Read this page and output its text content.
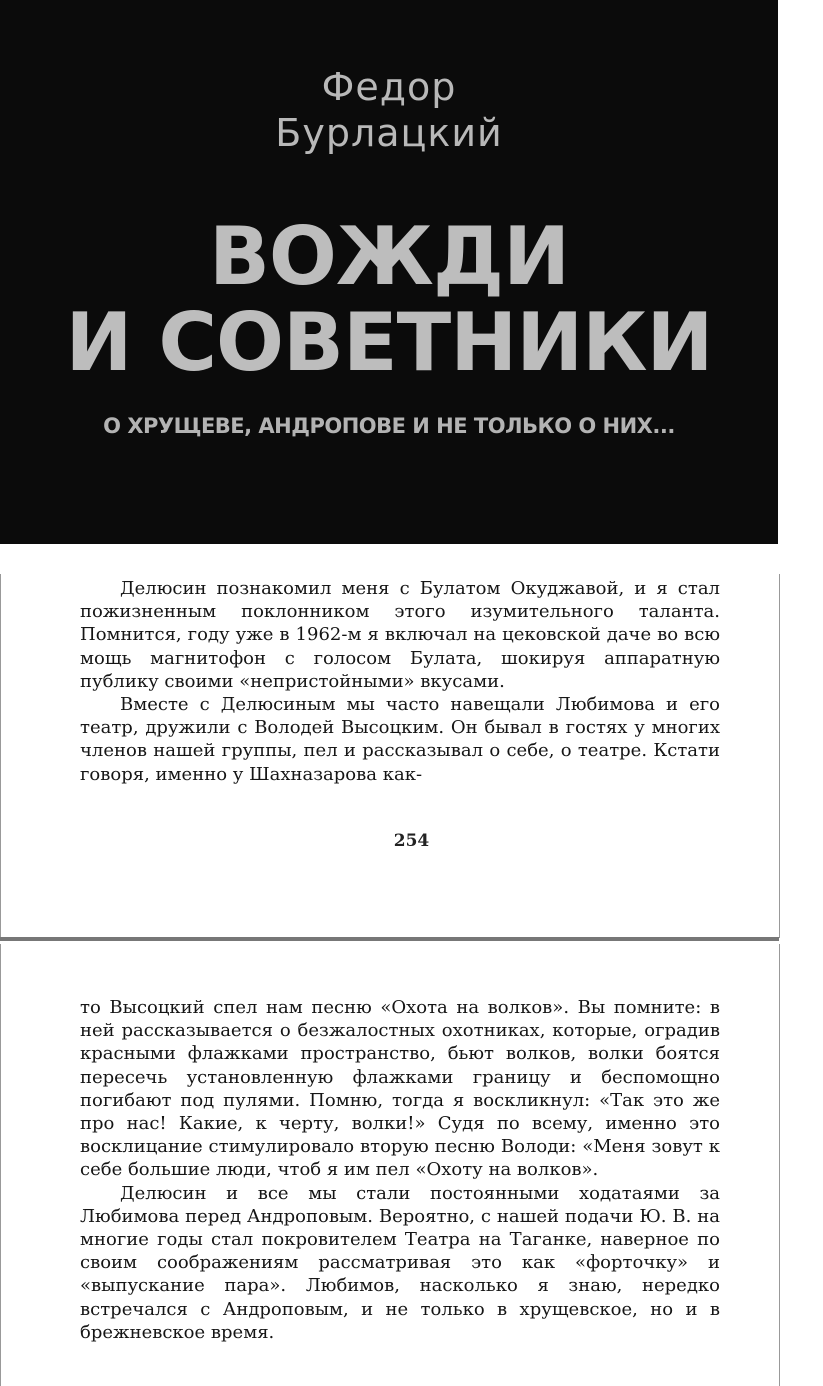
Федор
Бурлацкий
ВОЖДИ
И СОВЕТНИКИ
О ХРУЩЕВЕ, АНДРОПОВЕ И НЕ ТОЛЬКО О НИХ...

Делюсин познакомил меня с Булатом Окуджавой, и я стал пожизненным поклонником этого изумительного таланта. Помнится, году уже в 1962-м я включал на цековской даче во всю мощь магнитофон с голосом Булата, шокируя аппаратную публику своими «непристойными» вкусами.

Вместе с Делюсиным мы часто навещали Любимова и его театр, дружили с Володей Высоцким. Он бывал в гостях у многих членов нашей группы, пел и рассказывал о себе, о театре. Кстати говоря, именно у Шахназарова как-

254

то Высоцкий спел нам песню «Охота на волков». Вы помните: в ней рассказывается о безжалостных охотниках, которые, оградив красными флажками пространство, бьют волков, волки боятся пересечь установленную флажками границу и беспомощно погибают под пулями. Помню, тогда я воскликнул: «Так это же про нас! Какие, к черту, волки!» Судя по всему, именно это восклицание стимулировало вторую песню Володи: «Меня зовут к себе большие люди, чтоб я им пел «Охоту на волков».

Делюсин и все мы стали постоянными ходатаями за Любимова перед Андроповым. Вероятно, с нашей подачи Ю. В. на многие годы стал покровителем Театра на Таганке, наверное по своим соображениям рассматривая это как «форточку» и «выпускание пара». Любимов, насколько я знаю, нередко встречался с Андроповым, и не только в хрущевское, но и в брежневское время.
